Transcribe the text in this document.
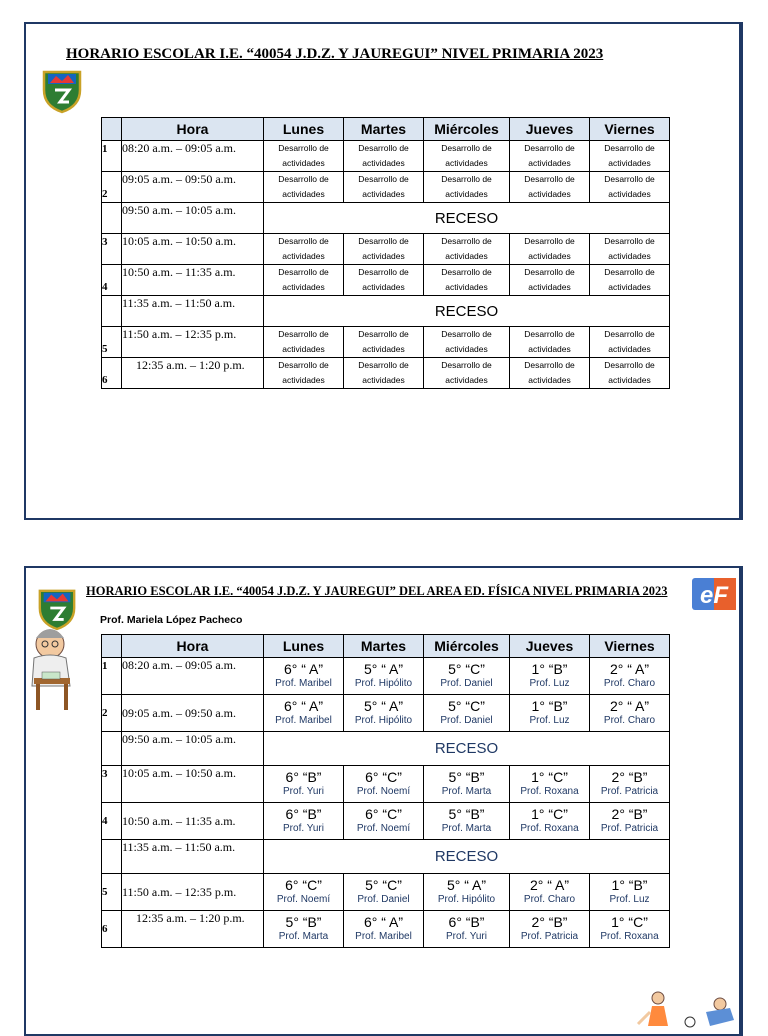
HORARIO ESCOLAR I.E. “40054 J.D.Z. Y JAUREGUI” NIVEL PRIMARIA 2023
	Hora	Lunes	Martes	Miércoles	Jueves	Viernes
1	08:20 a.m. – 09:05 a.m.	Desarrollo de
actividades	Desarrollo de
actividades	Desarrollo de
actividades	Desarrollo de
actividades	Desarrollo de
actividades
2	09:05 a.m. – 09:50 a.m.	Desarrollo de
actividades	Desarrollo de
actividades	Desarrollo de
actividades	Desarrollo de
actividades	Desarrollo de
actividades
	09:50 a.m. – 10:05 a.m.	RECESO				
3	10:05 a.m. – 10:50 a.m.	Desarrollo de
actividades	Desarrollo de
actividades	Desarrollo de
actividades	Desarrollo de
actividades	Desarrollo de
actividades
4	10:50 a.m. – 11:35 a.m.	Desarrollo de
actividades	Desarrollo de
actividades	Desarrollo de
actividades	Desarrollo de
actividades	Desarrollo de
actividades
	11:35 a.m. – 11:50 a.m.	RECESO				
5	11:50 a.m. – 12:35 p.m.	Desarrollo de
actividades	Desarrollo de
actividades	Desarrollo de
actividades	Desarrollo de
actividades	Desarrollo de
actividades
6	12:35 a.m. – 1:20 p.m.	Desarrollo de
actividades	Desarrollo de
actividades	Desarrollo de
actividades	Desarrollo de
actividades	Desarrollo de
actividades
HORARIO ESCOLAR I.E. “40054 J.D.Z. Y JAUREGUI” DEL AREA ED. FÍSICA NIVEL PRIMARIA 2023 eF
Prof. Mariela López Pacheco
	Hora	Lunes	Martes	Miércoles	Jueves	Viernes
1	08:20 a.m. – 09:05 a.m.	6° “ A”
Prof. Maribel	5° “ A”
Prof. Hipólito	5° “C”
Prof. Daniel	1° “B”
Prof. Luz	2° “ A”
Prof. Charo

2	09:05 a.m. – 09:50 a.m.	6° “ A”
Prof. Maribel	5° “ A”
Prof. Hipólito	5° “C”
Prof. Daniel	1° “B”
Prof. Luz	2° “ A”
Prof. Charo

	09:50 a.m. – 10:05 a.m.	RECESO				
3	10:05 a.m. – 10:50 a.m.	6° “B”
Prof. Yuri	6° “C”
Prof. Noemí	5° “B”
Prof. Marta	1° “C”
Prof. Roxana	2° “B”
Prof. Patricia

4	10:50 a.m. – 11:35 a.m.	6° “B”
Prof. Yuri	6° “C”
Prof. Noemí	5° “B”
Prof. Marta	1° “C”
Prof. Roxana	2° “B”
Prof. Patricia

	11:35 a.m. – 11:50 a.m.	RECESO				
5	11:50 a.m. – 12:35 p.m.	6° “C”
Prof. Noemí	5° “C”
Prof. Daniel	5° “ A”
Prof. Hipólito	2° “ A”
Prof. Charo	1° “B”
Prof. Luz

6	12:35 a.m. – 1:20 p.m.	5° “B”
Prof. Marta	6° “ A”
Prof. Maribel	6° “B”
Prof. Yuri	2° “B”
Prof. Patricia	1° “C”
Prof. Roxana
